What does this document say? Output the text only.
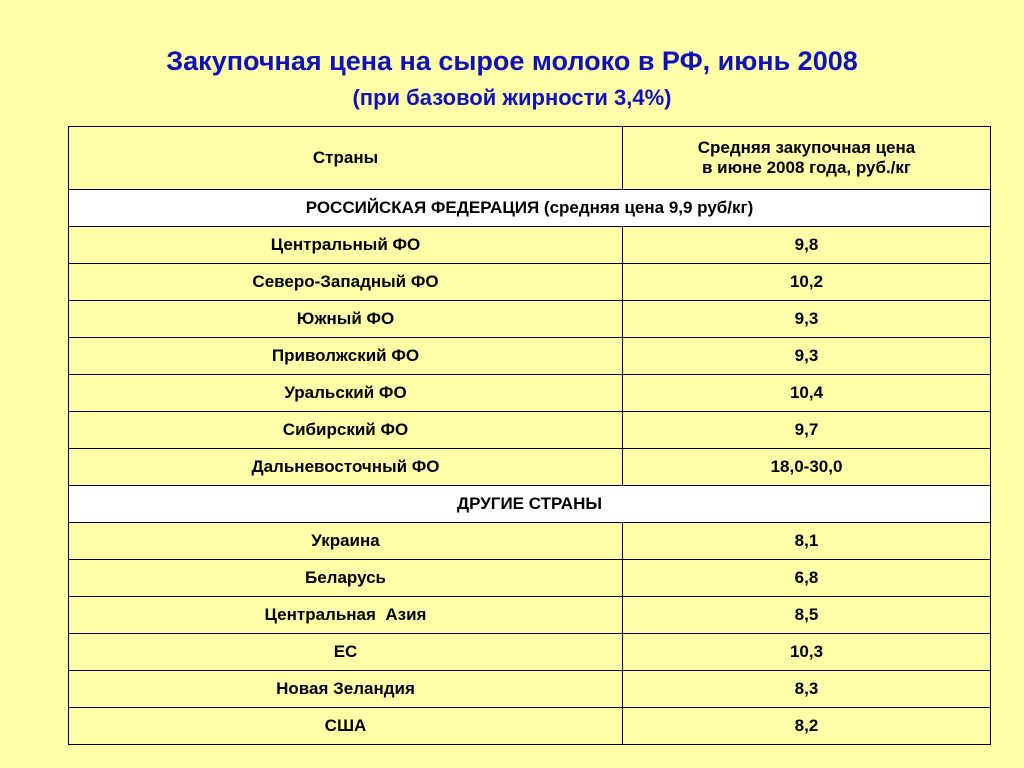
Закупочная цена на сырое молоко в РФ, июнь 2008
(при базовой жирности 3,4%)
Страны	Средняя закупочная цена
в июне 2008 года, руб./кг
РОССИЙСКАЯ ФЕДЕРАЦИЯ (средняя цена 9,9 руб/кг)	
Центральный ФО	9,8
Северо-Западный ФО	10,2
Южный ФО	9,3
Приволжский ФО	9,3
Уральский ФО	10,4
Сибирский ФО	9,7
Дальневосточный ФО	18,0-30,0
ДРУГИЕ СТРАНЫ	
Украина	8,1
Беларусь	6,8
Центральная  Азия	8,5
ЕС	10,3
Новая Зеландия	8,3
США	8,2
